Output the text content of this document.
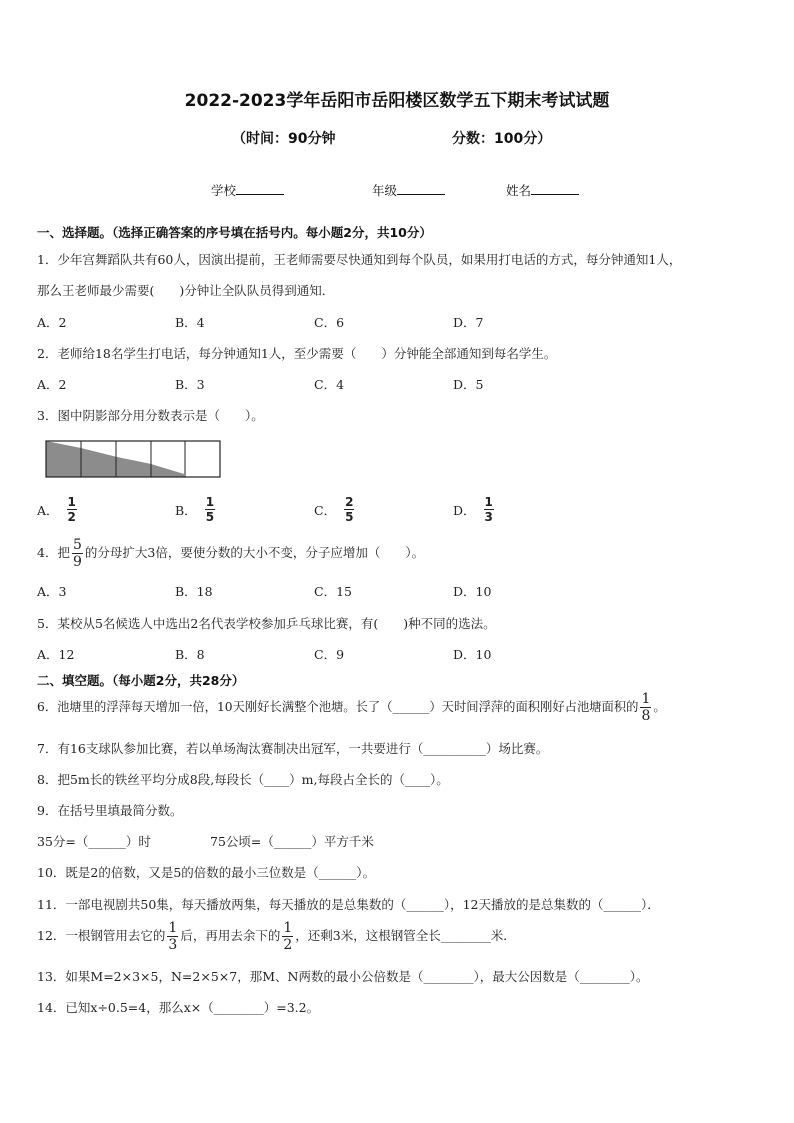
2022-2023学年岳阳市岳阳楼区数学五下期末考试试题
（时间：90分钟	分数：100分）
学校	年级	姓名
一、选择题。（选择正确答案的序号填在括号内。每小题2分，共10分）
1．少年宫舞蹈队共有60人，因演出提前，王老师需要尽快通知到每个队员，如果用打电话的方式，每分钟通知1人，
那么王老师最少需要(　　)分钟让全队队员得到通知．
A．2	B．4	C．6	D．7
2．老师给18名学生打电话，每分钟通知1人，至少需要（　　）分钟能全部通知到每名学生。
A．2	B．3	C．4	D．5
3．图中阴影部分用分数表示是（　　）。
A． $\frac{1}{2}$	B． $\frac{1}{5}$	C． $\frac{2}{5}$	D． $\frac{1}{3}$
4．把 $\frac{5}{9}$ 的分母扩大3倍，要使分数的大小不变，分子应增加（　　）。
A．3	B．18	C．15	D．10
5．某校从5名候选人中选出2名代表学校参加乒乓球比赛，有(　　)种不同的选法。
A．12	B．8	C．9	D．10
二、填空题。（每小题2分，共28分）
6．池塘里的浮萍每天增加一倍，10天刚好长满整个池塘。长了（______）天时间浮萍的面积刚好占池塘面积的 $\frac{1}{8}$ 。
7．有16支球队参加比赛，若以单场淘汰赛制决出冠军，一共要进行（__________）场比赛。
8．把5m长的铁丝平均分成8段,每段长（____）m,每段占全长的（____）。
9．在括号里填最简分数。
35分=（______）时	75公顷=（______）平方千米
10．既是2的倍数，又是5的倍数的最小三位数是（______）。
11．一部电视剧共50集，每天播放两集，每天播放的是总集数的（______），12天播放的是总集数的（______）．
12．一根钢管用去它的 $\frac{1}{3}$ 后，再用去余下的 $\frac{1}{2}$ ，还剩3米，这根钢管全长________米．
13．如果M=2×3×5，N=2×5×7，那M、N两数的最小公倍数是（________），最大公因数是（________）。
14．已知x÷0.5=4，那么x×（________）=3.2。
